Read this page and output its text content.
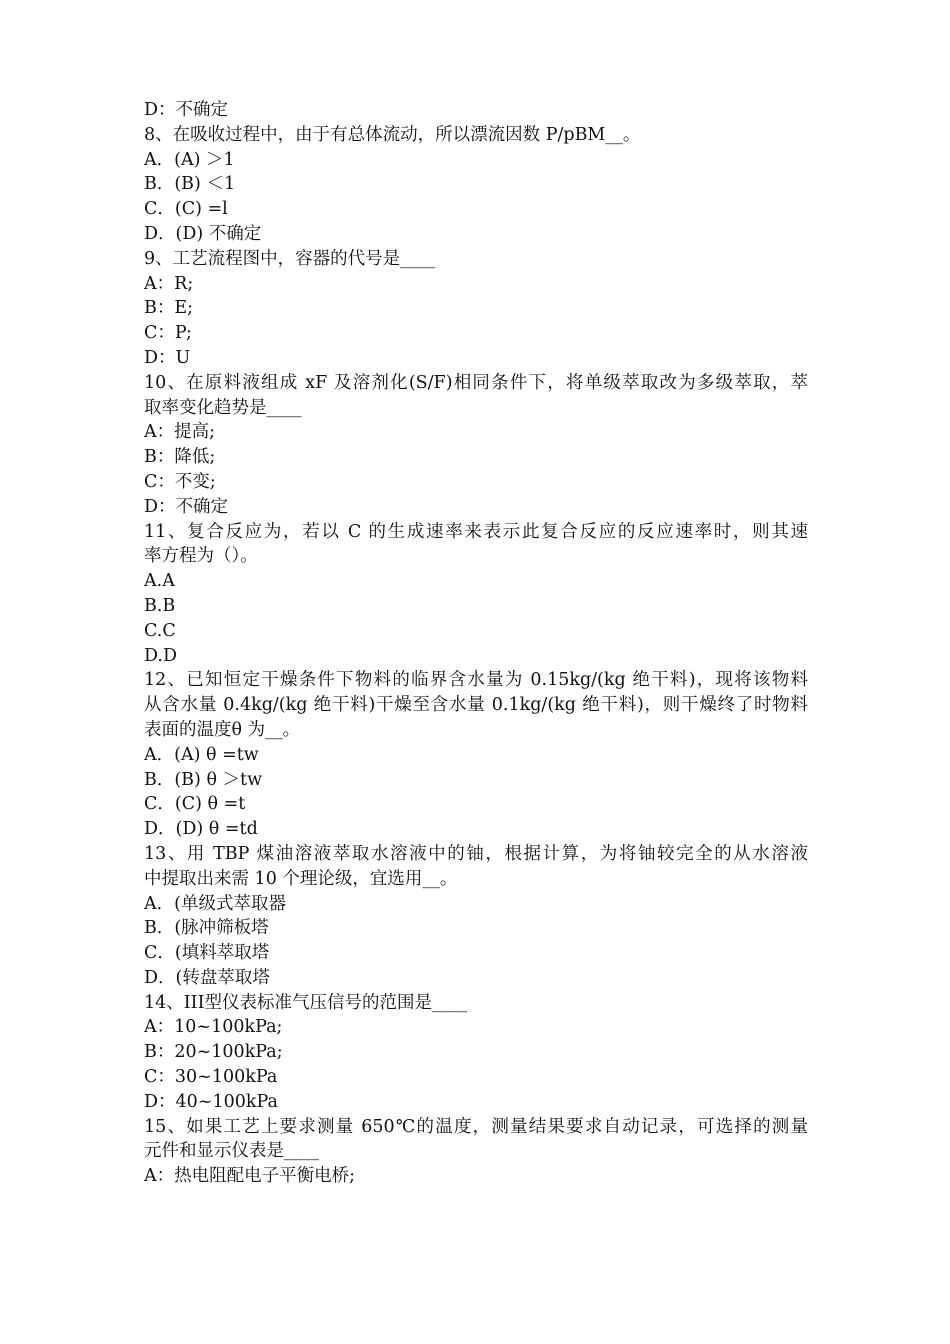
D：不确定
8、在吸收过程中，由于有总体流动，所以漂流因数 P/pBM__。
A．(A) ＞1
B．(B) ＜1
C．(C) =l
D．(D) 不确定
9、工艺流程图中，容器的代号是____
A：R;
B：E;
C：P;
D：U
10、在原料液组成 xF 及溶剂化(S/F)相同条件下，将单级萃取改为多级萃取，萃
取率变化趋势是____
A：提高;
B：降低;
C：不变;
D：不确定
11、复合反应为，若以 C 的生成速率来表示此复合反应的反应速率时，则其速
率方程为（）。
A.A
B.B
C.C
D.D
12、已知恒定干燥条件下物料的临界含水量为 0.15kg/(kg 绝干料)，现将该物料
从含水量 0.4kg/(kg 绝干料)干燥至含水量 0.1kg/(kg 绝干料)，则干燥终了时物料
表面的温度θ 为__。
A．(A) θ =tw
B．(B) θ ＞tw
C．(C) θ =t
D．(D) θ =td
13、用 TBP 煤油溶液萃取水溶液中的铀，根据计算，为将铀较完全的从水溶液
中提取出来需 10 个理论级，宜选用__。
A．(单级式萃取器
B．(脉冲筛板塔
C．(填料萃取塔
D．(转盘萃取塔
14、III型仪表标准气压信号的范围是____
A：10~100kPa;
B：20~100kPa;
C：30~100kPa
D：40~100kPa
15、如果工艺上要求测量 650℃的温度，测量结果要求自动记录，可选择的测量
元件和显示仪表是____
A：热电阻配电子平衡电桥;
